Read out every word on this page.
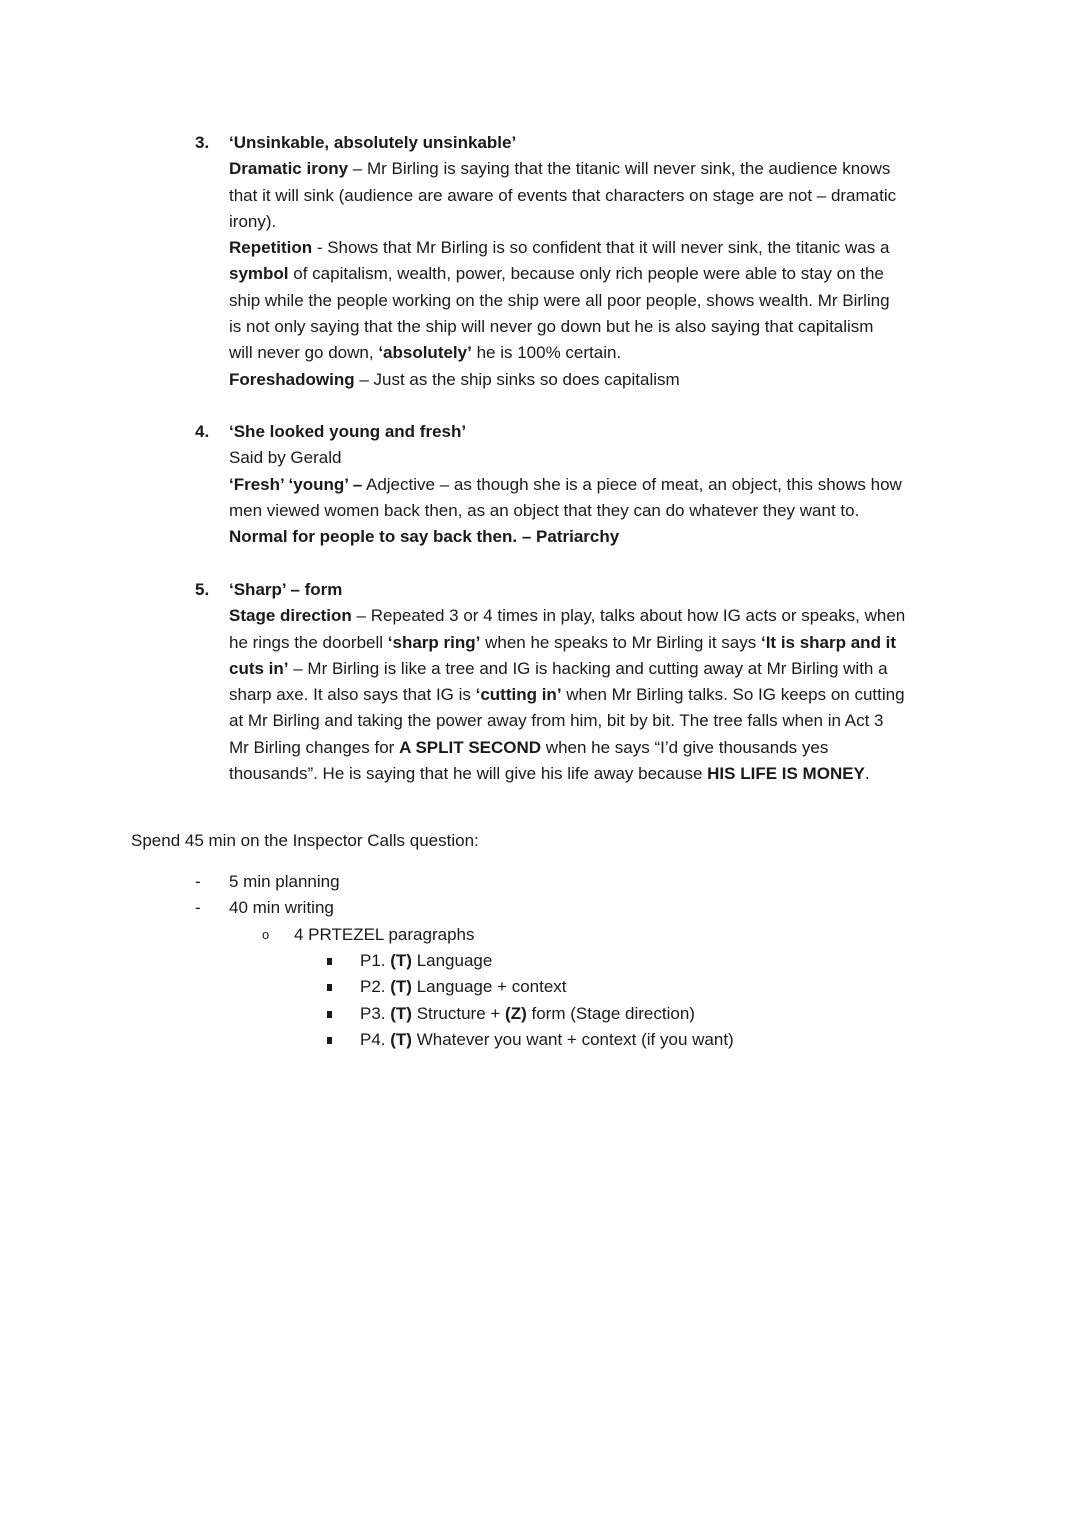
3. ‘Unsinkable, absolutely unsinkable’
Dramatic irony – Mr Birling is saying that the titanic will never sink, the audience knows
that it will sink (audience are aware of events that characters on stage are not – dramatic
irony).
Repetition - Shows that Mr Birling is so confident that it will never sink, the titanic was a
symbol of capitalism, wealth, power, because only rich people were able to stay on the
ship while the people working on the ship were all poor people, shows wealth. Mr Birling
is not only saying that the ship will never go down but he is also saying that capitalism
will never go down, ‘absolutely’ he is 100% certain.
Foreshadowing – Just as the ship sinks so does capitalism
4. ‘She looked young and fresh’
Said by Gerald
‘Fresh’ ‘young’ – Adjective – as though she is a piece of meat, an object, this shows how
men viewed women back then, as an object that they can do whatever they want to.
Normal for people to say back then. – Patriarchy
5. ‘Sharp’ – form
Stage direction – Repeated 3 or 4 times in play, talks about how IG acts or speaks, when
he rings the doorbell ‘sharp ring’ when he speaks to Mr Birling it says ‘It is sharp and it
cuts in’ – Mr Birling is like a tree and IG is hacking and cutting away at Mr Birling with a
sharp axe. It also says that IG is ‘cutting in’ when Mr Birling talks. So IG keeps on cutting
at Mr Birling and taking the power away from him, bit by bit. The tree falls when in Act 3
Mr Birling changes for A SPLIT SECOND when he says “I’d give thousands yes
thousands”. He is saying that he will give his life away because HIS LIFE IS MONEY.
Spend 45 min on the Inspector Calls question:
- 5 min planning
- 40 min writing
o 4 PRTEZEL paragraphs
P1. (T) Language
P2. (T) Language + context
P3. (T) Structure + (Z) form (Stage direction)
P4. (T) Whatever you want + context (if you want)
